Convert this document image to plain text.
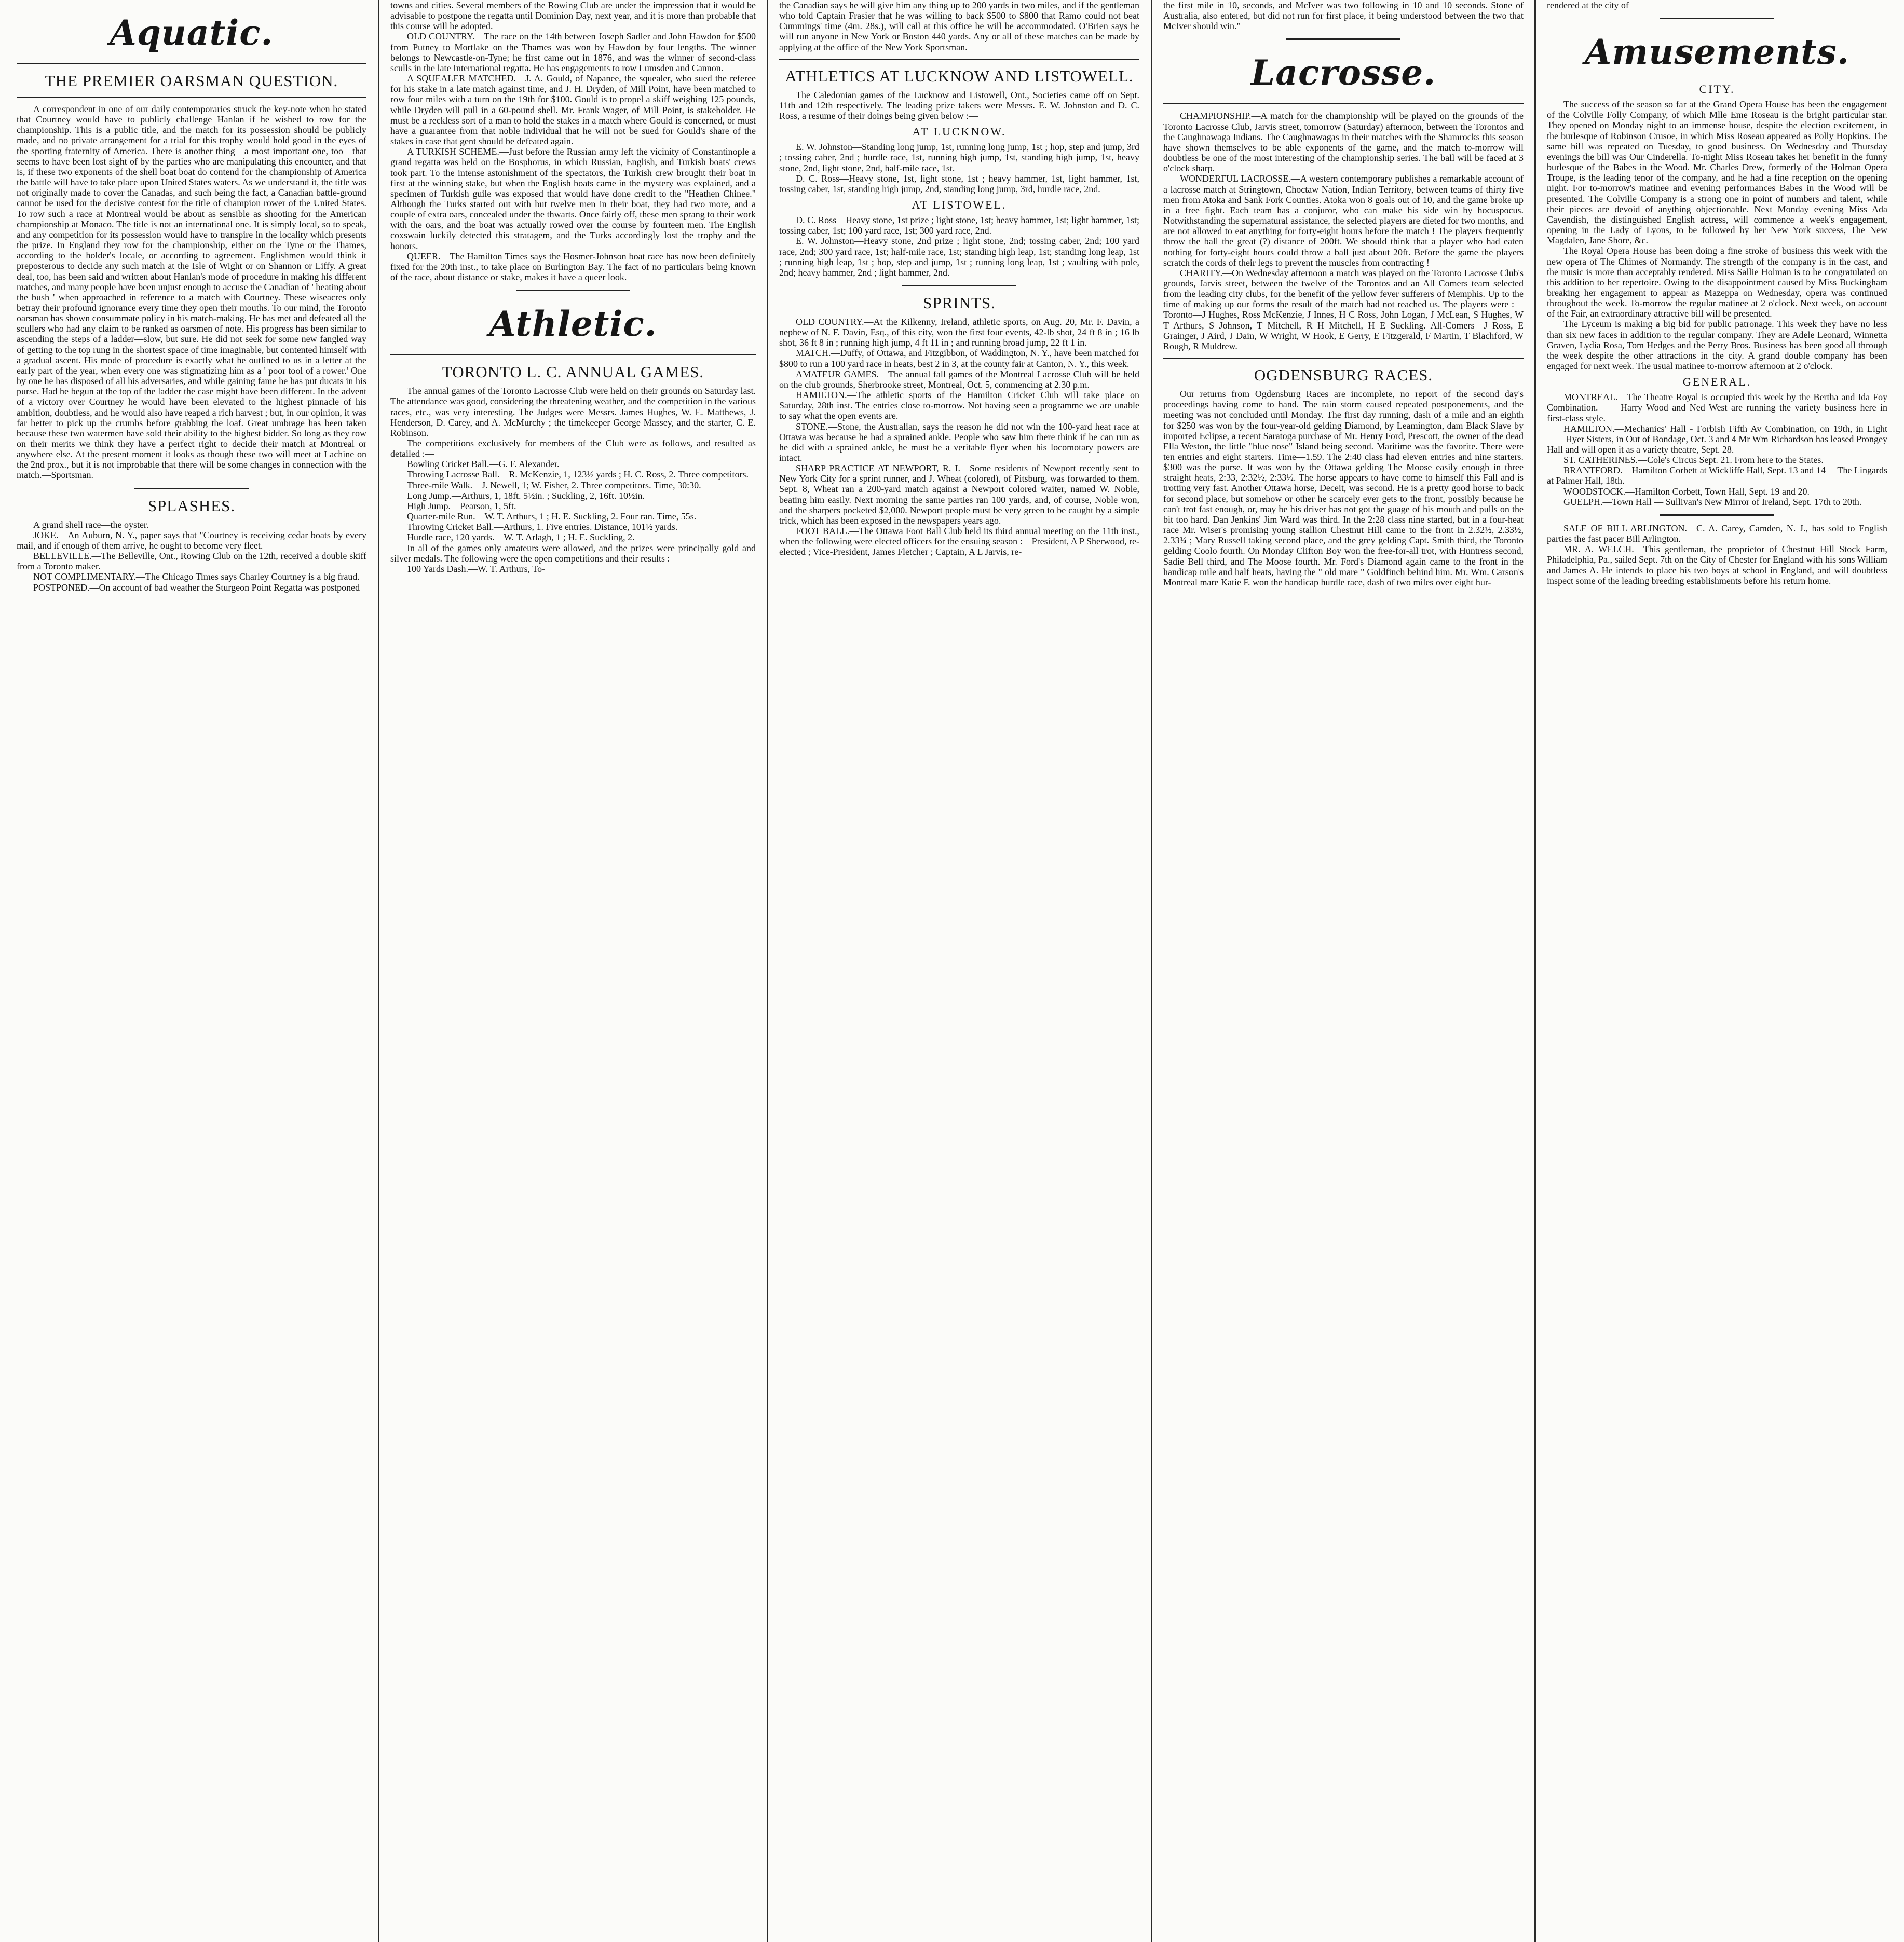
Aquatic.
THE PREMIER OARSMAN QUESTION.

A correspondent in one of our daily contemporaries struck the key-note when he stated that Courtney would have to publicly challenge Hanlan if he wished to row for the championship. This is a public title, and the match for its possession should be publicly made, and no private arrangement for a trial for this trophy would hold good in the eyes of the sporting fraternity of America. There is another thing—a most important one, too—that seems to have been lost sight of by the parties who are manipulating this encounter, and that is, if these two exponents of the shell boat boat do contend for the championship of America the battle will have to take place upon United States waters. As we understand it, the title was not originally made to cover the Canadas, and such being the fact, a Canadian battle-ground cannot be used for the decisive contest for the title of champion rower of the United States. To row such a race at Montreal would be about as sensible as shooting for the American championship at Monaco. The title is not an international one. It is simply local, so to speak, and any competition for its possession would have to transpire in the locality which presents the prize. In England they row for the championship, either on the Tyne or the Thames, according to the holder's locale, or according to agreement. Englishmen would think it preposterous to decide any such match at the Isle of Wight or on Shannon or Liffy. A great deal, too, has been said and written about Hanlan's mode of procedure in making his different matches, and many people have been unjust enough to accuse the Canadian of ' beating about the bush ' when approached in reference to a match with Courtney. These wiseacres only betray their profound ignorance every time they open their mouths. To our mind, the Toronto oarsman has shown consummate policy in his match-making. He has met and defeated all the scullers who had any claim to be ranked as oarsmen of note. His progress has been similar to ascending the steps of a ladder—slow, but sure. He did not seek for some new fangled way of getting to the top rung in the shortest space of time imaginable, but contented himself with a gradual ascent. His mode of procedure is exactly what he outlined to us in a letter at the early part of the year, when every one was stigmatizing him as a ' poor tool of a rower.' One by one he has disposed of all his adversaries, and while gaining fame he has put ducats in his purse. Had he begun at the top of the ladder the case might have been different. In the advent of a victory over Courtney he would have been elevated to the highest pinnacle of his ambition, doubtless, and he would also have reaped a rich harvest ; but, in our opinion, it was far better to pick up the crumbs before grabbing the loaf. Great umbrage has been taken because these two watermen have sold their ability to the highest bidder. So long as they row on their merits we think they have a perfect right to decide their match at Montreal or anywhere else. At the present moment it looks as though these two will meet at Lachine on the 2nd prox., but it is not improbable that there will be some changes in connection with the match.—Sportsman.

SPLASHES.

A grand shell race—the oyster.

JOKE.—An Auburn, N. Y., paper says that "Courtney is receiving cedar boats by every mail, and if enough of them arrive, he ought to become very fleet.

BELLEVILLE.—The Belleville, Ont., Rowing Club on the 12th, received a double skiff from a Toronto maker.

NOT COMPLIMENTARY.—The Chicago Times says Charley Courtney is a big fraud.

POSTPONED.—On account of bad weather the Sturgeon Point Regatta was postponed

towns and cities. Several members of the Rowing Club are under the impression that it would be advisable to postpone the regatta until Dominion Day, next year, and it is more than probable that this course will be adopted.

OLD COUNTRY.—The race on the 14th between Joseph Sadler and John Hawdon for $500 from Putney to Mortlake on the Thames was won by Hawdon by four lengths. The winner belongs to Newcastle-on-Tyne; he first came out in 1876, and was the winner of second-class sculls in the late International regatta. He has engagements to row Lumsden and Cannon.

A SQUEALER MATCHED.—J. A. Gould, of Napanee, the squealer, who sued the referee for his stake in a late match against time, and J. H. Dryden, of Mill Point, have been matched to row four miles with a turn on the 19th for $100. Gould is to propel a skiff weighing 125 pounds, while Dryden will pull in a 60-pound shell. Mr. Frank Wager, of Mill Point, is stakeholder. He must be a reckless sort of a man to hold the stakes in a match where Gould is concerned, or must have a guarantee from that noble individual that he will not be sued for Gould's share of the stakes in case that gent should be defeated again.

A TURKISH SCHEME.—Just before the Russian army left the vicinity of Constantinople a grand regatta was held on the Bosphorus, in which Russian, English, and Turkish boats' crews took part. To the intense astonishment of the spectators, the Turkish crew brought their boat in first at the winning stake, but when the English boats came in the mystery was explained, and a specimen of Turkish guile was exposed that would have done credit to the "Heathen Chinee." Although the Turks started out with but twelve men in their boat, they had two more, and a couple of extra oars, concealed under the thwarts. Once fairly off, these men sprang to their work with the oars, and the boat was actually rowed over the course by fourteen men. The English coxswain luckily detected this stratagem, and the Turks accordingly lost the trophy and the honors.

QUEER.—The Hamilton Times says the Hosmer-Johnson boat race has now been definitely fixed for the 20th inst., to take place on Burlington Bay. The fact of no particulars being known of the race, about distance or stake, makes it have a queer look.

Athletic.
TORONTO L. C. ANNUAL GAMES.

The annual games of the Toronto Lacrosse Club were held on their grounds on Saturday last. The attendance was good, considering the threatening weather, and the competition in the various races, etc., was very interesting. The Judges were Messrs. James Hughes, W. E. Matthews, J. Henderson, D. Carey, and A. McMurchy ; the timekeeper George Massey, and the starter, C. E. Robinson.

The competitions exclusively for members of the Club were as follows, and resulted as detailed :—

Bowling Cricket Ball.—G. F. Alexander.

Throwing Lacrosse Ball.—R. McKenzie, 1, 123½ yards ; H. C. Ross, 2. Three competitors.

Three-mile Walk.—J. Newell, 1; W. Fisher, 2. Three competitors. Time, 30:30.

Long Jump.—Arthurs, 1, 18ft. 5½in. ; Suckling, 2, 16ft. 10½in.

High Jump.—Pearson, 1, 5ft.

Quarter-mile Run.—W. T. Arthurs, 1 ; H. E. Suckling, 2. Four ran. Time, 55s.

Throwing Cricket Ball.—Arthurs, 1. Five entries. Distance, 101½ yards.

Hurdle race, 120 yards.—W. T. Arlagh, 1 ; H. E. Suckling, 2.

In all of the games only amateurs were allowed, and the prizes were principally gold and silver medals. The following were the open competitions and their results :

100 Yards Dash.—W. T. Arthurs, To-

the Canadian says he will give him any thing up to 200 yards in two miles, and if the gentleman who told Captain Frasier that he was willing to back $500 to $800 that Ramo could not beat Cummings' time (4m. 28s.), will call at this office he will be accommodated. O'Brien says he will run anyone in New York or Boston 440 yards. Any or all of these matches can be made by applying at the office of the New York Sportsman.

ATHLETICS AT LUCKNOW AND LISTOWELL.

The Caledonian games of the Lucknow and Listowell, Ont., Societies came off on Sept. 11th and 12th respectively. The leading prize takers were Messrs. E. W. Johnston and D. C. Ross, a resume of their doings being given below :—

AT LUCKNOW.

E. W. Johnston—Standing long jump, 1st, running long jump, 1st ; hop, step and jump, 3rd ; tossing caber, 2nd ; hurdle race, 1st, running high jump, 1st, standing high jump, 1st, heavy stone, 2nd, light stone, 2nd, half-mile race, 1st.

D. C. Ross—Heavy stone, 1st, light stone, 1st ; heavy hammer, 1st, light hammer, 1st, tossing caber, 1st, standing high jump, 2nd, standing long jump, 3rd, hurdle race, 2nd.

AT LISTOWEL.

D. C. Ross—Heavy stone, 1st prize ; light stone, 1st; heavy hammer, 1st; light hammer, 1st; tossing caber, 1st; 100 yard race, 1st; 300 yard race, 2nd.

E. W. Johnston—Heavy stone, 2nd prize ; light stone, 2nd; tossing caber, 2nd; 100 yard race, 2nd; 300 yard race, 1st; half-mile race, 1st; standing high leap, 1st; standing long leap, 1st ; running high leap, 1st ; hop, step and jump, 1st ; running long leap, 1st ; vaulting with pole, 2nd; heavy hammer, 2nd ; light hammer, 2nd.

SPRINTS.

OLD COUNTRY.—At the Kilkenny, Ireland, athletic sports, on Aug. 20, Mr. F. Davin, a nephew of N. F. Davin, Esq., of this city, won the first four events, 42-lb shot, 24 ft 8 in ; 16 lb shot, 36 ft 8 in ; running high jump, 4 ft 11 in ; and running broad jump, 22 ft 1 in.

MATCH.—Duffy, of Ottawa, and Fitzgibbon, of Waddington, N. Y., have been matched for $800 to run a 100 yard race in heats, best 2 in 3, at the county fair at Canton, N. Y., this week.

AMATEUR GAMES.—The annual fall games of the Montreal Lacrosse Club will be held on the club grounds, Sherbrooke street, Montreal, Oct. 5, commencing at 2.30 p.m.

HAMILTON.—The athletic sports of the Hamilton Cricket Club will take place on Saturday, 28th inst. The entries close to-morrow. Not having seen a programme we are unable to say what the open events are.

STONE.—Stone, the Australian, says the reason he did not win the 100-yard heat race at Ottawa was because he had a sprained ankle. People who saw him there think if he can run as he did with a sprained ankle, he must be a veritable flyer when his locomotary powers are intact.

SHARP PRACTICE AT NEWPORT, R. I.—Some residents of Newport recently sent to New York City for a sprint runner, and J. Wheat (colored), of Pitsburg, was forwarded to them. Sept. 8, Wheat ran a 200-yard match against a Newport colored waiter, named W. Noble, beating him easily. Next morning the same parties ran 100 yards, and, of course, Noble won, and the sharpers pocketed $2,000. Newport people must be very green to be caught by a simple trick, which has been exposed in the newspapers years ago.

FOOT BALL.—The Ottawa Foot Ball Club held its third annual meeting on the 11th inst., when the following were elected officers for the ensuing season :—President, A P Sherwood, re-elected ; Vice-President, James Fletcher ; Captain, A L Jarvis, re-

the first mile in 10, seconds, and McIver was two following in 10 and 10 seconds. Stone of Australia, also entered, but did not run for first place, it being understood between the two that McIver should win."

Lacrosse.

CHAMPIONSHIP.—A match for the championship will be played on the grounds of the Toronto Lacrosse Club, Jarvis street, tomorrow (Saturday) afternoon, between the Torontos and the Caughnawaga Indians. The Caughnawagas in their matches with the Shamrocks this season have shown themselves to be able exponents of the game, and the match to-morrow will doubtless be one of the most interesting of the championship series. The ball will be faced at 3 o'clock sharp.

WONDERFUL LACROSSE.—A western contemporary publishes a remarkable account of a lacrosse match at Stringtown, Choctaw Nation, Indian Territory, between teams of thirty five men from Atoka and Sank Fork Counties. Atoka won 8 goals out of 10, and the game broke up in a free fight. Each team has a conjuror, who can make his side win by hocuspocus. Notwithstanding the supernatural assistance, the selected players are dieted for two months, and are not allowed to eat anything for forty-eight hours before the match ! The players frequently throw the ball the great (?) distance of 200ft. We should think that a player who had eaten nothing for forty-eight hours could throw a ball just about 20ft. Before the game the players scratch the cords of their legs to prevent the muscles from contracting !

CHARITY.—On Wednesday afternoon a match was played on the Toronto Lacrosse Club's grounds, Jarvis street, between the twelve of the Torontos and an All Comers team selected from the leading city clubs, for the benefit of the yellow fever sufferers of Memphis. Up to the time of making up our forms the result of the match had not reached us. The players were :—Toronto—J Hughes, Ross McKenzie, J Innes, H C Ross, John Logan, J McLean, S Hughes, W T Arthurs, S Johnson, T Mitchell, R H Mitchell, H E Suckling. All-Comers—J Ross, E Grainger, J Aird, J Dain, W Wright, W Hook, E Gerry, E Fitzgerald, F Martin, T Blachford, W Rough, R Muldrew.

OGDENSBURG RACES.

Our returns from Ogdensburg Races are incomplete, no report of the second day's proceedings having come to hand. The rain storm caused repeated postponements, and the meeting was not concluded until Monday. The first day running, dash of a mile and an eighth for $250 was won by the four-year-old gelding Diamond, by Leamington, dam Black Slave by imported Eclipse, a recent Saratoga purchase of Mr. Henry Ford, Prescott, the owner of the dead Ella Weston, the little "blue nose" Island being second. Maritime was the favorite. There were ten entries and eight starters. Time—1.59. The 2:40 class had eleven entries and nine starters. $300 was the purse. It was won by the Ottawa gelding The Moose easily enough in three straight heats, 2:33, 2:32½, 2:33½. The horse appears to have come to himself this Fall and is trotting very fast. Another Ottawa horse, Deceit, was second. He is a pretty good horse to back for second place, but somehow or other he scarcely ever gets to the front, possibly because he can't trot fast enough, or, may be his driver has not got the guage of his mouth and pulls on the bit too hard. Dan Jenkins' Jim Ward was third. In the 2:28 class nine started, but in a four-heat race Mr. Wiser's promising young stallion Chestnut Hill came to the front in 2.32½, 2.33½, 2.33¾ ; Mary Russell taking second place, and the grey gelding Capt. Smith third, the Toronto gelding Coolo fourth. On Monday Clifton Boy won the free-for-all trot, with Huntress second, Sadie Bell third, and The Moose fourth. Mr. Ford's Diamond again came to the front in the handicap mile and half heats, having the " old mare " Goldfinch behind him. Mr. Wm. Carson's Montreal mare Katie F. won the handicap hurdle race, dash of two miles over eight hur-

rendered at the city of

Amusements.
CITY.

The success of the season so far at the Grand Opera House has been the engagement of the Colville Folly Company, of which Mlle Eme Roseau is the bright particular star. They opened on Monday night to an immense house, despite the election excitement, in the burlesque of Robinson Crusoe, in which Miss Roseau appeared as Polly Hopkins. The same bill was repeated on Tuesday, to good business. On Wednesday and Thursday evenings the bill was Our Cinderella. To-night Miss Roseau takes her benefit in the funny burlesque of the Babes in the Wood. Mr. Charles Drew, formerly of the Holman Opera Troupe, is the leading tenor of the company, and he had a fine reception on the opening night. For to-morrow's matinee and evening performances Babes in the Wood will be presented. The Colville Company is a strong one in point of numbers and talent, while their pieces are devoid of anything objectionable. Next Monday evening Miss Ada Cavendish, the distinguished English actress, will commence a week's engagement, opening in the Lady of Lyons, to be followed by her New York success, The New Magdalen, Jane Shore, &c.

The Royal Opera House has been doing a fine stroke of business this week with the new opera of The Chimes of Normandy. The strength of the company is in the cast, and the music is more than acceptably rendered. Miss Sallie Holman is to be congratulated on this addition to her repertoire. Owing to the disappointment caused by Miss Buckingham breaking her engagement to appear as Mazeppa on Wednesday, opera was continued throughout the week. To-morrow the regular matinee at 2 o'clock. Next week, on account of the Fair, an extraordinary attractive bill will be presented.

The Lyceum is making a big bid for public patronage. This week they have no less than six new faces in addition to the regular company. They are Adele Leonard, Winnetta Graven, Lydia Rosa, Tom Hedges and the Perry Bros. Business has been good all through the week despite the other attractions in the city. A grand double company has been engaged for next week. The usual matinee to-morrow afternoon at 2 o'clock.

GENERAL.

MONTREAL.—The Theatre Royal is occupied this week by the Bertha and Ida Foy Combination. ——Harry Wood and Ned West are running the variety business here in first-class style.

HAMILTON.—Mechanics' Hall - Forbish Fifth Av Combination, on 19th, in Light ——Hyer Sisters, in Out of Bondage, Oct. 3 and 4 Mr Wm Richardson has leased Prongey Hall and will open it as a variety theatre, Sept. 28.

ST. CATHERINES.—Cole's Circus Sept. 21. From here to the States.

BRANTFORD.—Hamilton Corbett at Wickliffe Hall, Sept. 13 and 14 —The Lingards at Palmer Hall, 18th.

WOODSTOCK.—Hamilton Corbett, Town Hall, Sept. 19 and 20.

GUELPH.—Town Hall — Sullivan's New Mirror of Ireland, Sept. 17th to 20th.

SALE OF BILL ARLINGTON.—C. A. Carey, Camden, N. J., has sold to English parties the fast pacer Bill Arlington.

MR. A. WELCH.—This gentleman, the proprietor of Chestnut Hill Stock Farm, Philadelphia, Pa., sailed Sept. 7th on the City of Chester for England with his sons William and James A. He intends to place his two boys at school in England, and will doubtless inspect some of the leading breeding establishments before his return home.
